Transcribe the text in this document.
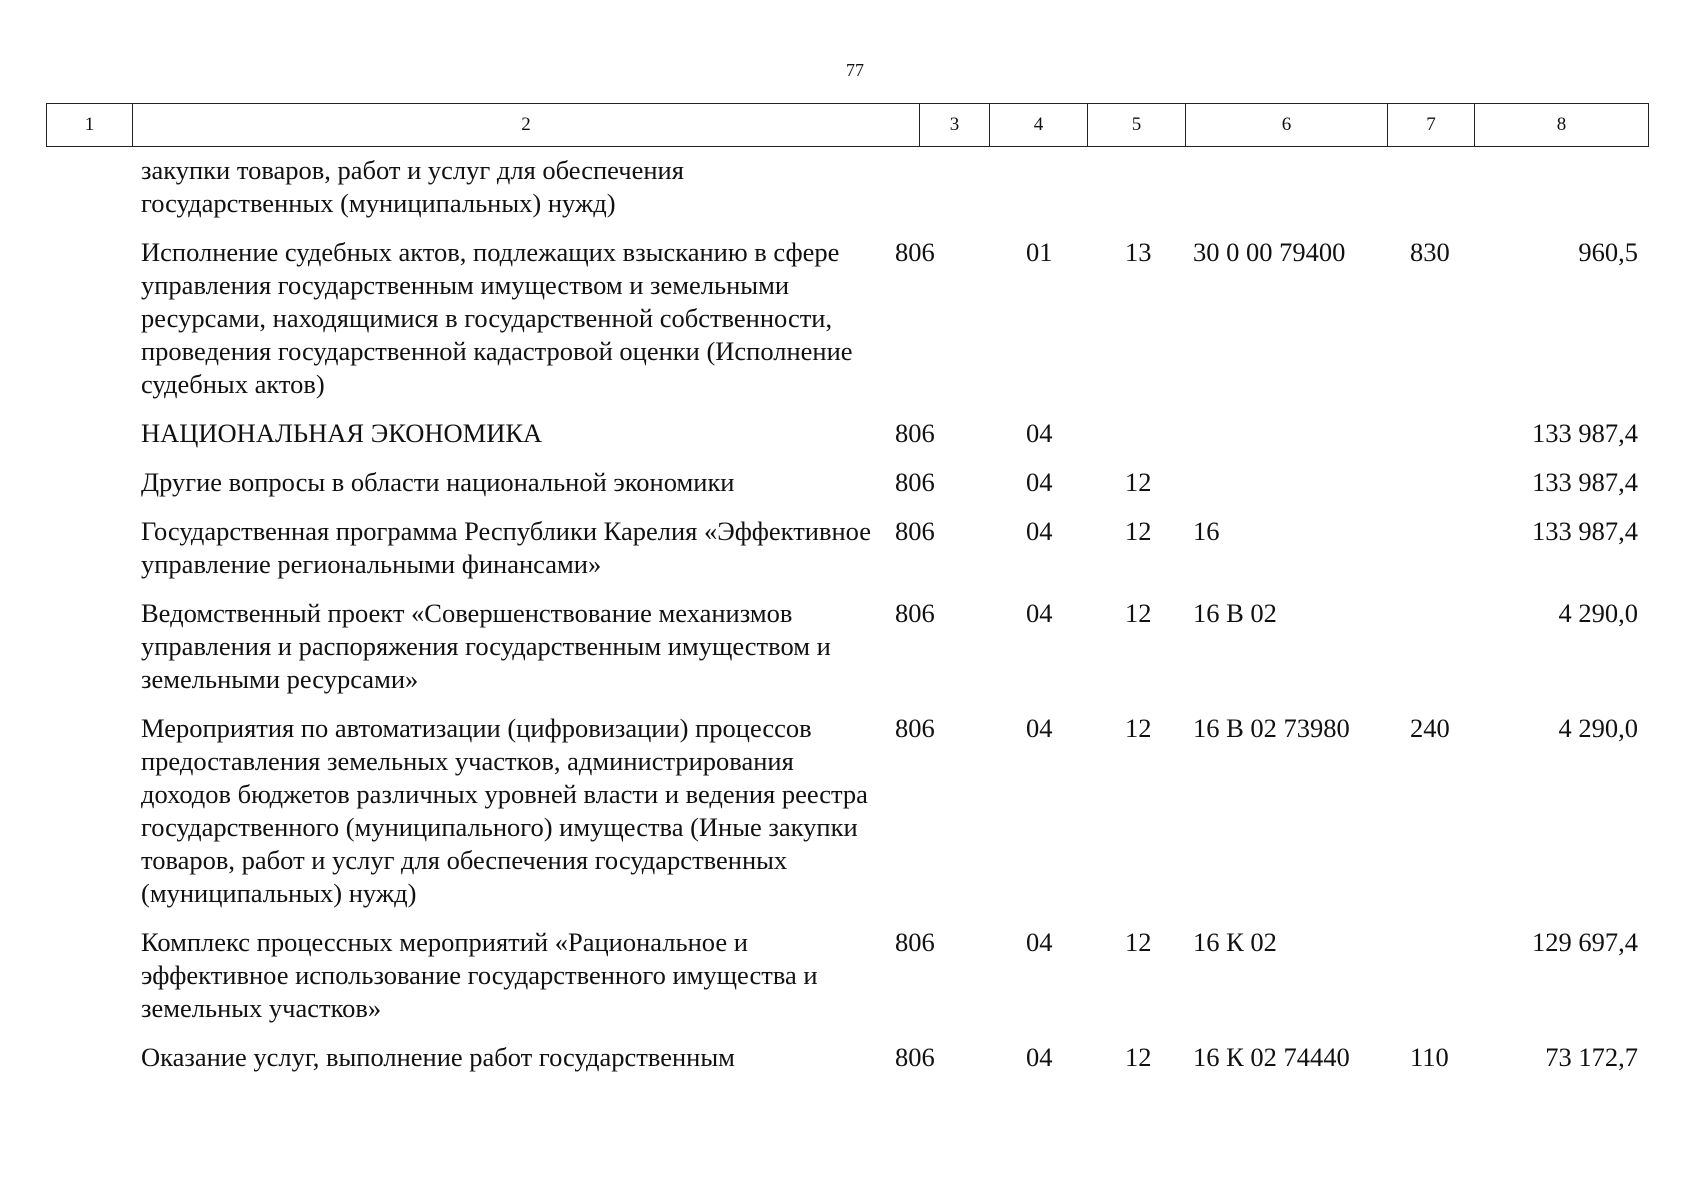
77
1	2	3	4	5	6	7	8
закупки товаров, работ и услуг для обеспечения государственных (муниципальных) нужд)						
Исполнение судебных актов, подлежащих взысканию в сфере управления государственным имуществом и земельными ресурсами, находящимися в государственной собственности, проведения государственной кадастровой оценки (Исполнение судебных актов)	806	01	13	30 0 00 79400	830	960,5
НАЦИОНАЛЬНАЯ ЭКОНОМИКА	806	04				133 987,4
Другие вопросы в области национальной экономики	806	04	12			133 987,4
Государственная программа Республики Карелия «Эффективное управление региональными финансами»	806	04	12	16		133 987,4
Ведомственный проект «Совершенствование механизмов управления и распоряжения государственным имуществом и земельными ресурсами»	806	04	12	16 В 02		4 290,0
Мероприятия по автоматизации (цифровизации) процессов предоставления земельных участков, администрирования доходов бюджетов различных уровней власти и ведения реестра государственного (муниципального) имущества (Иные закупки товаров, работ и услуг для обеспечения государственных (муниципальных) нужд)	806	04	12	16 В 02 73980	240	4 290,0
Комплекс процессных мероприятий «Рациональное и эффективное использование государственного имущества и земельных участков»	806	04	12	16 К 02		129 697,4
Оказание услуг, выполнение работ государственным	806	04	12	16 К 02 74440	110	73 172,7
